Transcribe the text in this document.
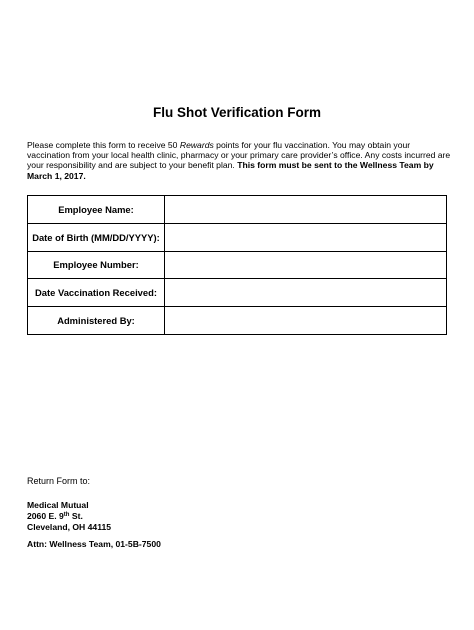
Flu Shot Verification Form
Please complete this form to receive 50 Rewards points for your flu vaccination. You may obtain your vaccination from your local health clinic, pharmacy or your primary care provider’s office. Any costs incurred are your responsibility and are subject to your benefit plan. This form must be sent to the Wellness Team by March 1, 2017.
Employee Name:	
Date of Birth (MM/DD/YYYY):	
Employee Number:	
Date Vaccination Received:	
Administered By:	
Return Form to:
Medical Mutual
2060 E. 9th St.
Cleveland, OH 44115
Attn: Wellness Team, 01-5B-7500
